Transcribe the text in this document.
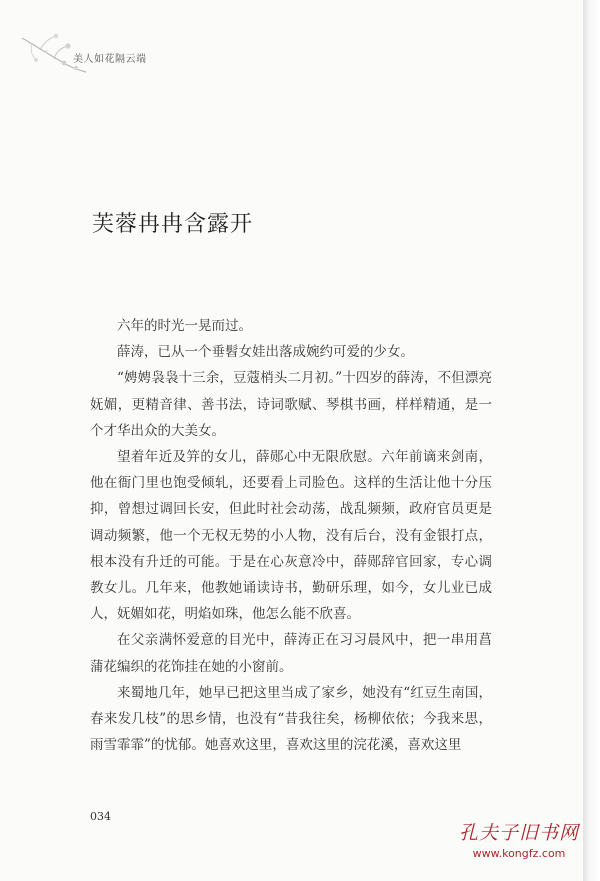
美人如花隔云端
芙蓉冉冉含露开

六年的时光一晃而过。

薛涛，已从一个垂髫女娃出落成婉约可爱的少女。

“娉娉袅袅十三余，豆蔻梢头二月初。”十四岁的薛涛，不但漂亮妩媚，更精音律、善书法，诗词歌赋、琴棋书画，样样精通，是一个才华出众的大美女。

望着年近及笄的女儿，薛郧心中无限欣慰。六年前谪来剑南，他在衙门里也饱受倾轧，还要看上司脸色。这样的生活让他十分压抑，曾想过调回长安，但此时社会动荡，战乱频频，政府官员更是调动频繁，他一个无权无势的小人物，没有后台，没有金银打点，根本没有升迁的可能。于是在心灰意冷中，薛郧辞官回家，专心调教女儿。几年来，他教她诵读诗书，勤研乐理，如今，女儿业已成人，妩媚如花，明焰如珠，他怎么能不欣喜。

在父亲满怀爱意的目光中，薛涛正在习习晨风中，把一串用菖蒲花编织的花饰挂在她的小窗前。

来蜀地几年，她早已把这里当成了家乡，她没有“红豆生南国，春来发几枝”的思乡情，也没有“昔我往矣，杨柳依依；今我来思，雨雪霏霏”的忧郁。她喜欢这里，喜欢这里的浣花溪，喜欢这里

034
孔夫子旧书网
www.kongfz.com
